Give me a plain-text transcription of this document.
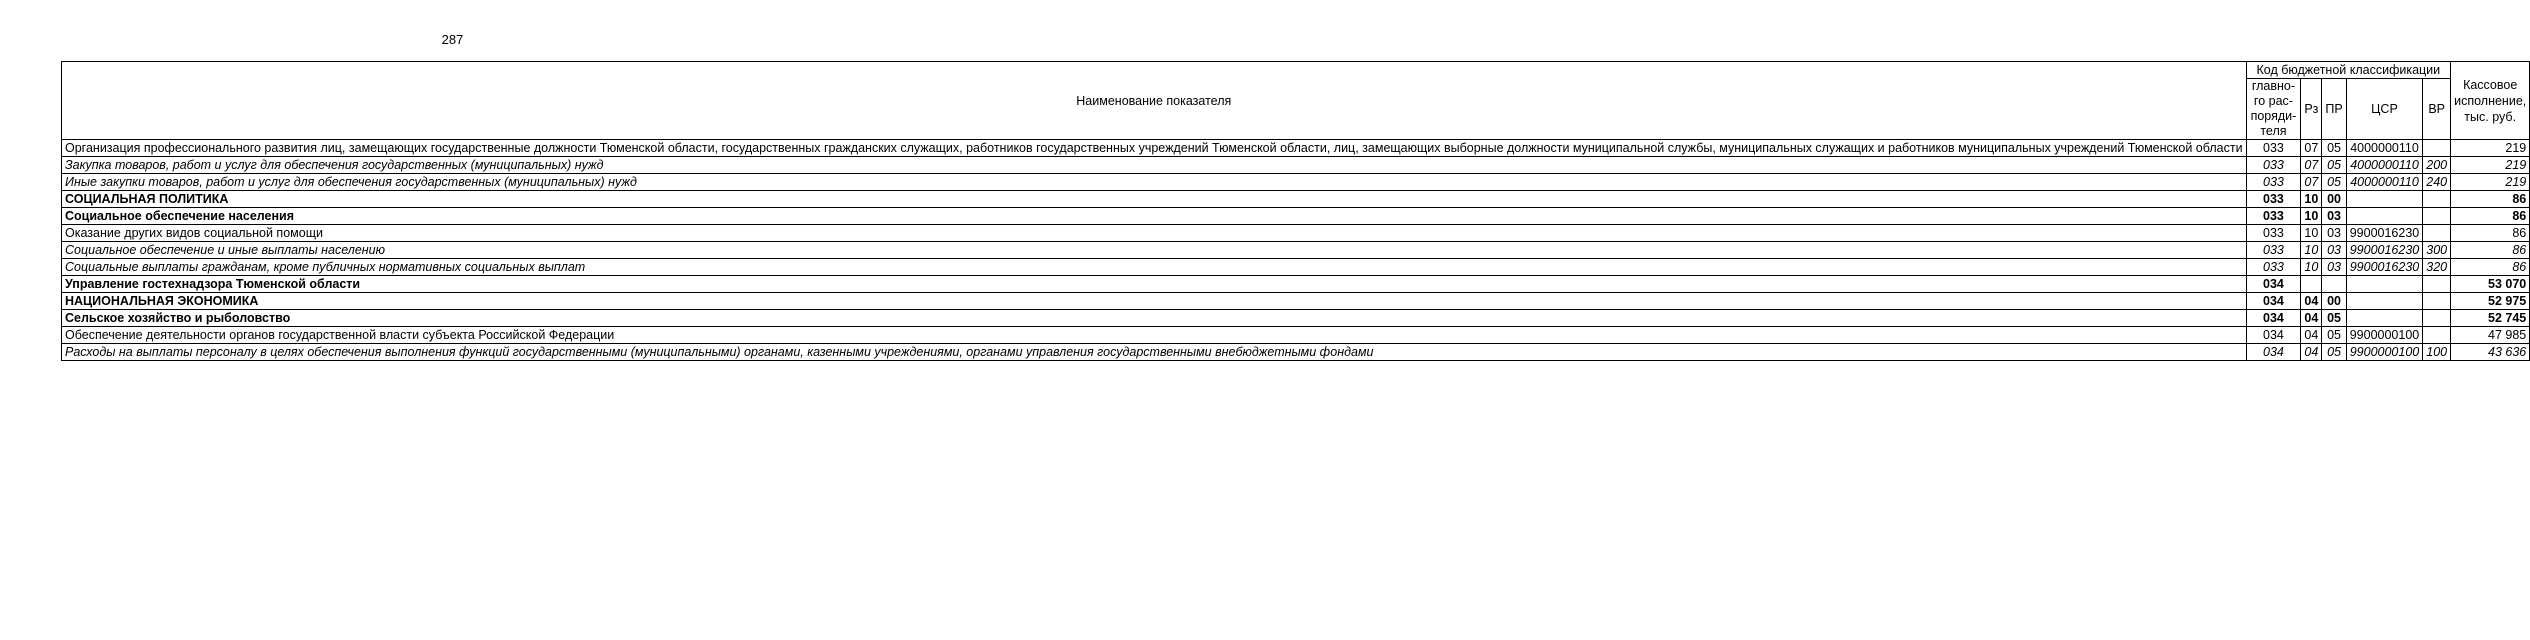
287
Наименование показателя	Код бюджетной классификации					Кассовое исполнение, тыс. руб.
	главно-го рас-поряди-теля	Рз	ПР	ЦСР	ВР	
Организация профессионального развития лиц, замещающих государственные должности Тюменской области, государственных гражданских служащих, работников государственных учреждений Тюменской области, лиц, замещающих выборные должности муниципальной службы, муниципальных служащих и работников муниципальных учреждений Тюменской области	033	07	05	4000000110		219
Закупка товаров, работ и услуг для обеспечения государственных (муниципальных) нужд	033	07	05	4000000110	200	219
Иные закупки товаров, работ и услуг для обеспечения государственных (муниципальных) нужд	033	07	05	4000000110	240	219
СОЦИАЛЬНАЯ ПОЛИТИКА	033	10	00			86
Социальное обеспечение населения	033	10	03			86
Оказание других видов социальной помощи	033	10	03	9900016230		86
Социальное обеспечение и иные выплаты населению	033	10	03	9900016230	300	86
Социальные выплаты гражданам, кроме публичных нормативных социальных выплат	033	10	03	9900016230	320	86
Управление гостехнадзора Тюменской области	034					53 070
НАЦИОНАЛЬНАЯ ЭКОНОМИКА	034	04	00			52 975
Сельское хозяйство и рыболовство	034	04	05			52 745
Обеспечение деятельности органов государственной власти субъекта Российской Федерации	034	04	05	9900000100		47 985
Расходы на выплаты персоналу в целях обеспечения выполнения функций государственными (муниципальными) органами, казенными учреждениями, органами управления государственными внебюджетными фондами	034	04	05	9900000100	100	43 636
